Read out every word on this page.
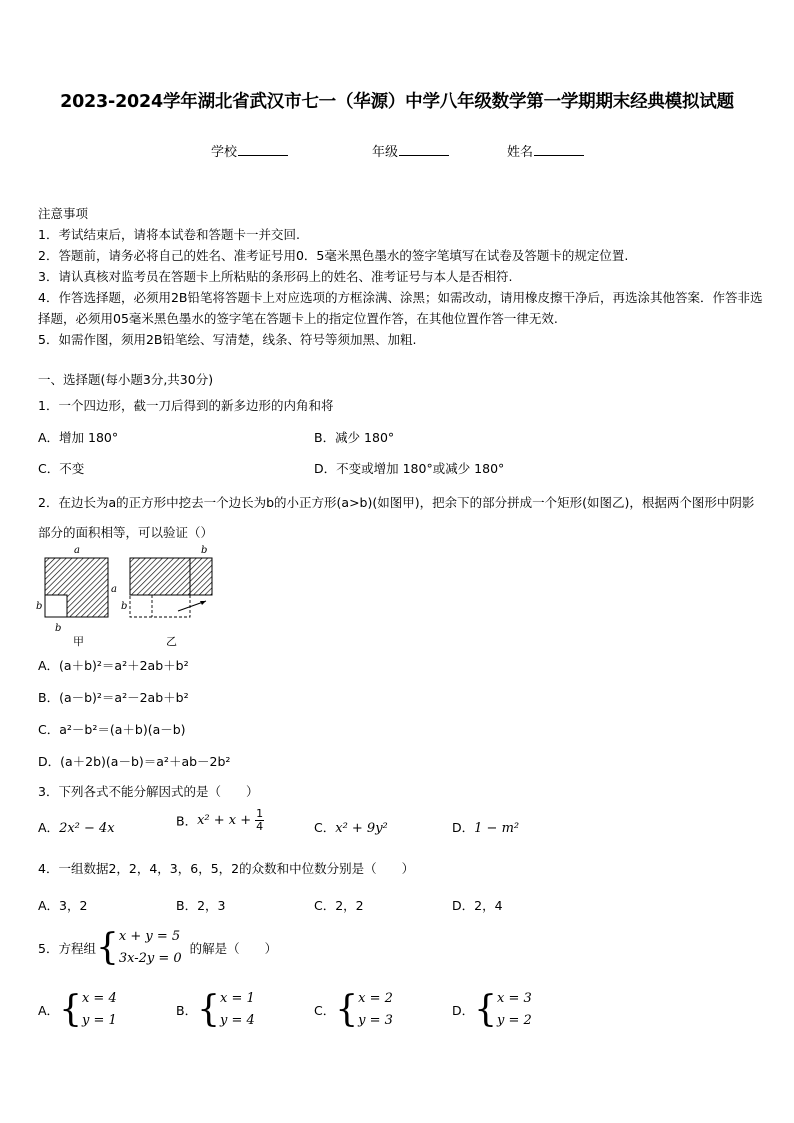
2023-2024学年湖北省武汉市七一（华源）中学八年级数学第一学期期末经典模拟试题
学校	年级	姓名

注意事项

1．考试结束后，请将本试卷和答题卡一并交回.

2．答题前，请务必将自己的姓名、准考证号用0．5毫米黑色墨水的签字笔填写在试卷及答题卡的规定位置.

3．请认真核对监考员在答题卡上所粘贴的条形码上的姓名、准考证号与本人是否相符.

4．作答选择题，必须用2B铅笔将答题卡上对应选项的方框涂满、涂黑；如需改动，请用橡皮擦干净后，再选涂其他答案．作答非选择题，必须用05毫米黑色墨水的签字笔在答题卡上的指定位置作答，在其他位置作答一律无效.

5．如需作图，须用2B铅笔绘、写清楚，线条、符号等须加黑、加粗.

一、选择题(每小题3分,共30分)
1．一个四边形，截一刀后得到的新多边形的内角和将
A．增加 180°	B．减少 180°
C．不变	D．不变或增加 180°或减少 180°
2．在边长为a的正方形中挖去一个边长为b的小正方形(a>b)(如图甲)，把余下的部分拼成一个矩形(如图乙)，根据两个图形中阴影部分的面积相等，可以验证（）
a
a
b
b
甲
b
b
乙
A．(a＋b)²＝a²＋2ab＋b²
B．(a－b)²＝a²－2ab＋b²
C．a²－b²＝(a＋b)(a－b)
D．(a＋2b)(a－b)＝a²＋ab－2b²
3．下列各式不能分解因式的是（　　）
A．2x² − 4x	B．$x^2 + x + \frac{1}{4}$	C．x² + 9y²	D．1 − m²
4．一组数据2，2，4，3，6，5，2的众数和中位数分别是（　　）
A．3，2	B．2，3	C．2，2	D．2，4
5．方程组{ x + y = 5
3x-2y = 0
的解是（　　）
A．{ x = 4
y = 1
B．{ x = 1
y = 4
C．{ x = 2
y = 3
D．{ x = 3
y = 2
